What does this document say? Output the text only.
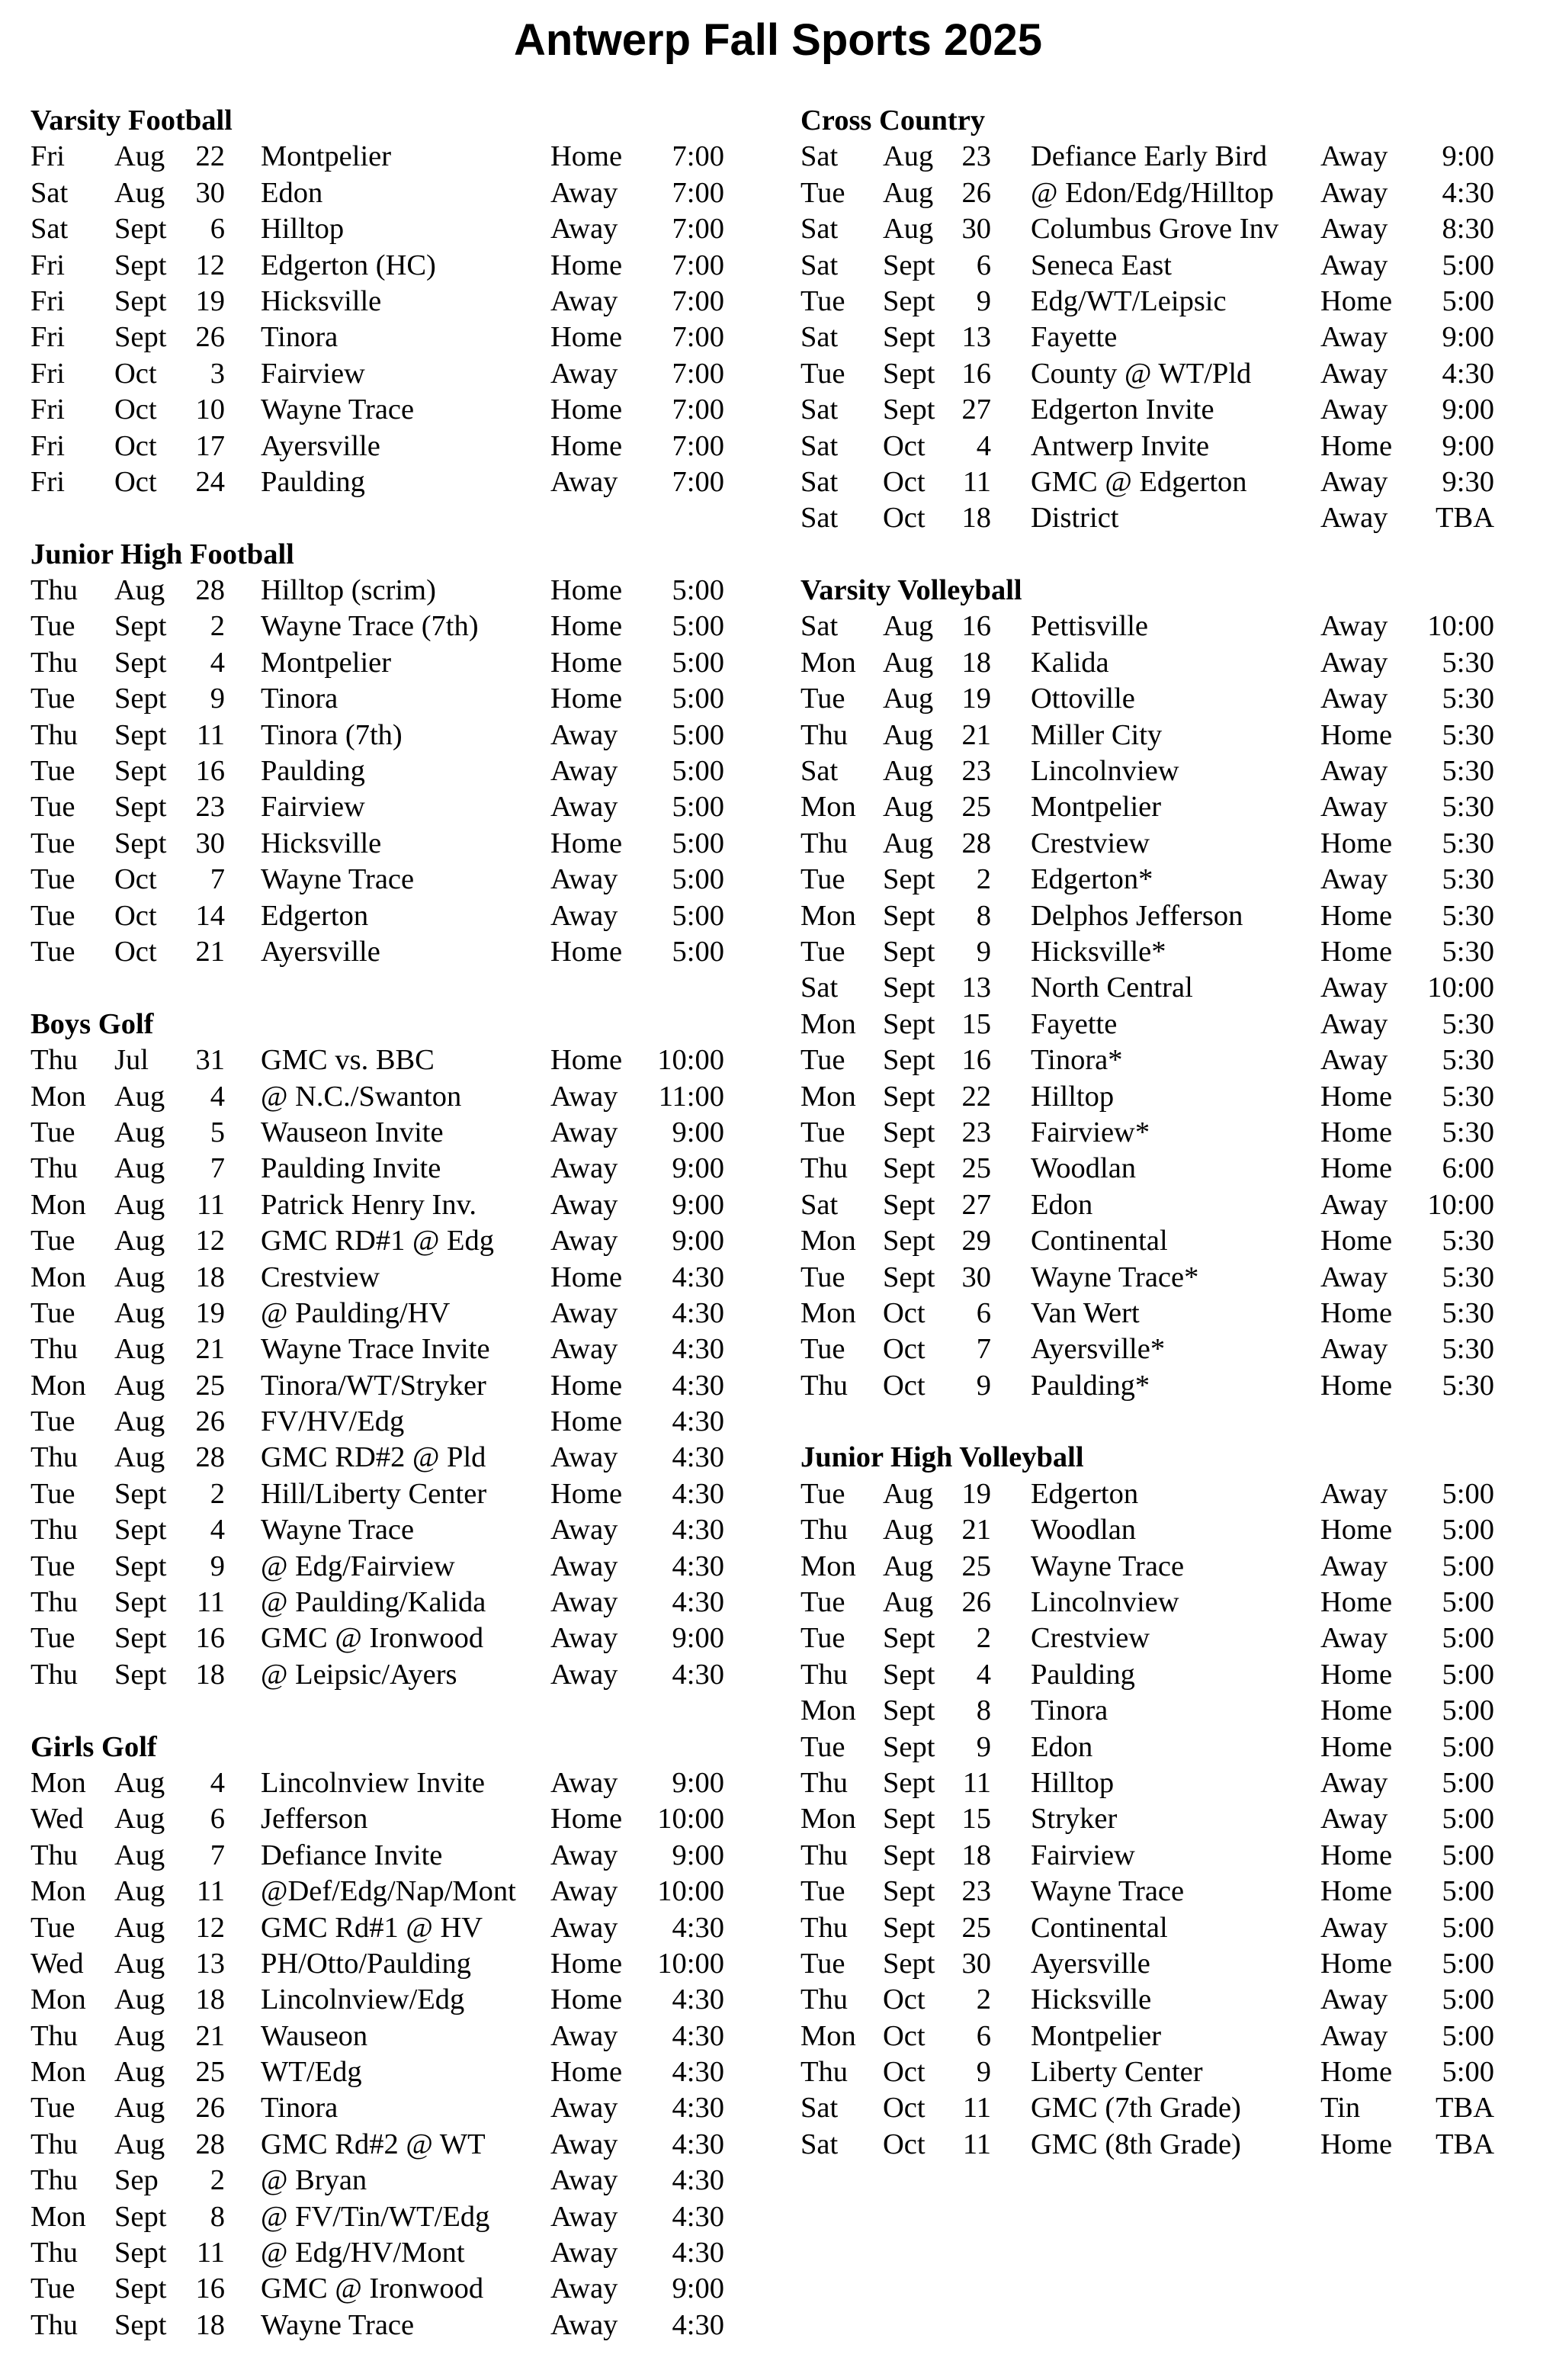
Antwerp Fall Sports 2025
Varsity Football
Fri Aug	22 Montpelier	Home	7:00
Sat Aug	30 Edon	Away	7:00
Sat Sept	6 Hilltop	Away	7:00
Fri Sept 12 Edgerton (HC)	Home	7:00
Fri Sept 19 Hicksville	Away	7:00
Fri Sept 26 Tinora	Home	7:00
Fri Oct	3 Fairview	Away	7:00
Fri Oct	10 Wayne Trace	Home	7:00
Fri Oct	17 Ayersville	Home	7:00
Fri Oct	24 Paulding	Away	7:00
Junior High Football
Thu Aug	28 Hilltop (scrim)	Home	5:00
Tue Sept	2 Wayne Trace (7th) Home	5:00
Thu Sept	4 Montpelier	Home	5:00
Tue Sept	9 Tinora	Home	5:00
Thu Sept	11 Tinora (7th)	Away	5:00
Tue Sept 16 Paulding	Away	5:00
Tue Sept 23 Fairview	Away	5:00
Tue Sept 30 Hicksville	Home	5:00
Tue Oct	7 Wayne Trace	Away	5:00
Tue Oct	14 Edgerton	Away	5:00
Tue Oct	21 Ayersville	Home	5:00
Boys Golf
Thu Jul	31 GMC vs. BBC	Home	10:00
Mon Aug	4 @ N.C./Swanton	Away	11:00
Tue Aug	5 Wauseon Invite	Away	9:00
Thu Aug	7 Paulding Invite	Away	9:00
Mon Aug	11 Patrick Henry Inv.	Away	9:00
Tue Aug	12 GMC RD#1 @ Edg Away	9:00
Mon Aug	18 Crestview	Home	4:30
Tue Aug	19 @ Paulding/HV	Away	4:30
Thu Aug	21 Wayne Trace Invite Away	4:30
Mon Aug	25 Tinora/WT/Stryker Home	4:30
Tue Aug	26 FV/HV/Edg	Home	4:30
Thu Aug	28 GMC RD#2 @ Pld Away	4:30
Tue Sept	2 Hill/Liberty Center Home	4:30
Thu Sept	4 Wayne Trace	Away	4:30
Tue Sept	9 @ Edg/Fairview	Away	4:30
Thu Sept	11 @ Paulding/Kalida Away	4:30
Tue Sept 16 GMC @ Ironwood Away	9:00
Thu Sept 18 @ Leipsic/Ayers	Away	4:30
Girls Golf
Mon Aug	4 Lincolnview Invite Away	9:00
Wed Aug	6 Jefferson	Home	10:00
Thu Aug	7 Defiance Invite	Away	9:00
Mon Aug	11 @Def/Edg/Nap/Mont Away	10:00
Tue Aug	12 GMC Rd#1 @ HV Away	4:30
Wed Aug	13 PH/Otto/Paulding	Home	10:00
Mon Aug	18 Lincolnview/Edg	Home	4:30
Thu Aug	21 Wauseon	Away	4:30
Mon Aug	25 WT/Edg	Home	4:30
Tue Aug	26 Tinora	Away	4:30
Thu Aug	28 GMC Rd#2 @ WT Away	4:30
Thu Sep	2 @ Bryan	Away	4:30
Mon Sept	8 @ FV/Tin/WT/Edg Away	4:30
Thu Sept	11 @ Edg/HV/Mont	Away	4:30
Tue Sept 16 GMC @ Ironwood Away	9:00
Thu Sept 18 Wayne Trace	Away	4:30
Cross Country
Sat Aug 23 Defiance Early Bird Away	9:00
Tue Aug 26 @ Edon/Edg/Hilltop Away	4:30
Sat Aug 30 Columbus Grove Inv Away	8:30
Sat Sept	6 Seneca East	Away	5:00
Tue Sept	9 Edg/WT/Leipsic	Home	5:00
Sat Sept 13 Fayette	Away	9:00
Tue Sept 16 County @ WT/Pld Away	4:30
Sat Sept 27 Edgerton Invite	Away	9:00
Sat Oct	4 Antwerp Invite	Home	9:00
Sat Oct	11 GMC @ Edgerton	Away	9:30
Sat Oct	18 District	Away	TBA
Varsity Volleyball
Sat Aug 16 Pettisville	Away	10:00
Mon Aug 18 Kalida	Away	5:30
Tue Aug 19 Ottoville	Away	5:30
Thu Aug 21 Miller City	Home	5:30
Sat Aug 23 Lincolnview	Away	5:30
Mon Aug 25 Montpelier	Away	5:30
Thu Aug 28 Crestview	Home	5:30
Tue Sept	2 Edgerton*	Away	5:30
Mon Sept	8 Delphos Jefferson	Home	5:30
Tue Sept	9 Hicksville*	Home	5:30
Sat Sept 13 North Central	Away	10:00
Mon Sept 15 Fayette	Away	5:30
Tue Sept 16 Tinora*	Away	5:30
Mon Sept 22 Hilltop	Home	5:30
Tue Sept 23 Fairview*	Home	5:30
Thu Sept 25 Woodlan	Home	6:00
Sat Sept 27 Edon	Away	10:00
Mon Sept 29 Continental	Home	5:30
Tue Sept 30 Wayne Trace*	Away	5:30
Mon Oct	6 Van Wert	Home	5:30
Tue Oct	7 Ayersville*	Away	5:30
Thu Oct	9 Paulding*	Home	5:30
Junior High Volleyball
Tue Aug 19 Edgerton	Away	5:00
Thu Aug 21 Woodlan	Home	5:00
Mon Aug 25 Wayne Trace	Away	5:00
Tue Aug 26 Lincolnview	Home	5:00
Tue Sept	2 Crestview	Away	5:00
Thu Sept	4 Paulding	Home	5:00
Mon Sept	8 Tinora	Home	5:00
Tue Sept	9 Edon	Home	5:00
Thu Sept 11 Hilltop	Away	5:00
Mon Sept 15 Stryker	Away	5:00
Thu Sept 18 Fairview	Home	5:00
Tue Sept 23 Wayne Trace	Home	5:00
Thu Sept 25 Continental	Away	5:00
Tue Sept 30 Ayersville	Home	5:00
Thu Oct	2 Hicksville	Away	5:00
Mon Oct	6 Montpelier	Away	5:00
Thu Oct	9 Liberty Center	Home	5:00
Sat Oct	11 GMC (7th Grade)	Tin	TBA
Sat Oct	11 GMC (8th Grade)	Home	TBA
